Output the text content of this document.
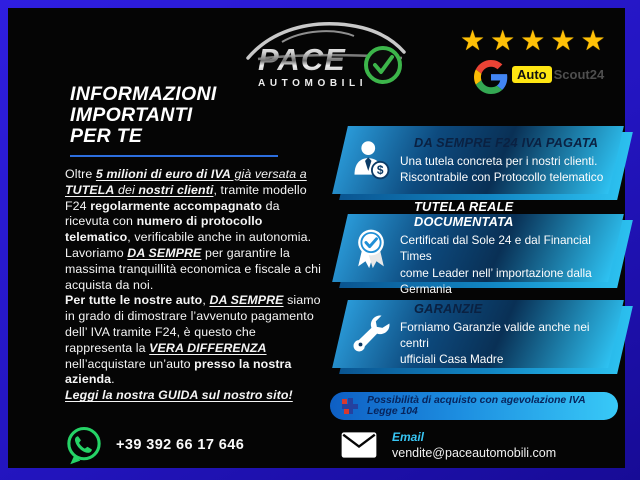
PACE
AUTOMOBILI
★★★★★
Auto Scout24
INFORMAZIONI
IMPORTANTI
PER TE

Oltre 5 milioni di euro di IVA già versata a TUTELA dei nostri clienti, tramite modello F24 regolarmente accompagnato da ricevuta con numero di protocollo telematico, verificabile anche in autonomia. Lavoriamo DA SEMPRE per garantire la massima tranquillità economica e fiscale a chi acquista da noi.

Per tutte le nostre auto, DA SEMPRE siamo in grado di dimostrare l’avvenuto pagamento dell’ IVA tramite F24, è questo che rappresenta la VERA DIFFERENZA nell’acquistare un’auto presso la nostra azienda.

Leggi la nostra GUIDA sul nostro sito!

$
DA SEMPRE F24 IVA PAGATA
Una tutela concreta per i nostri clienti.
Riscontrabile con Protocollo telematico
TUTELA REALE DOCUMENTATA
Certificati dal Sole 24 e dal Financial Times
come Leader nell’ importazione dalla Germania
GARANZIE
Forniamo Garanzie valide anche nei centri
ufficiali Casa Madre
Possibilità di acquisto con agevolazione IVA Legge 104
+39 392 66 17 646	Email
vendite@paceautomobili.com
